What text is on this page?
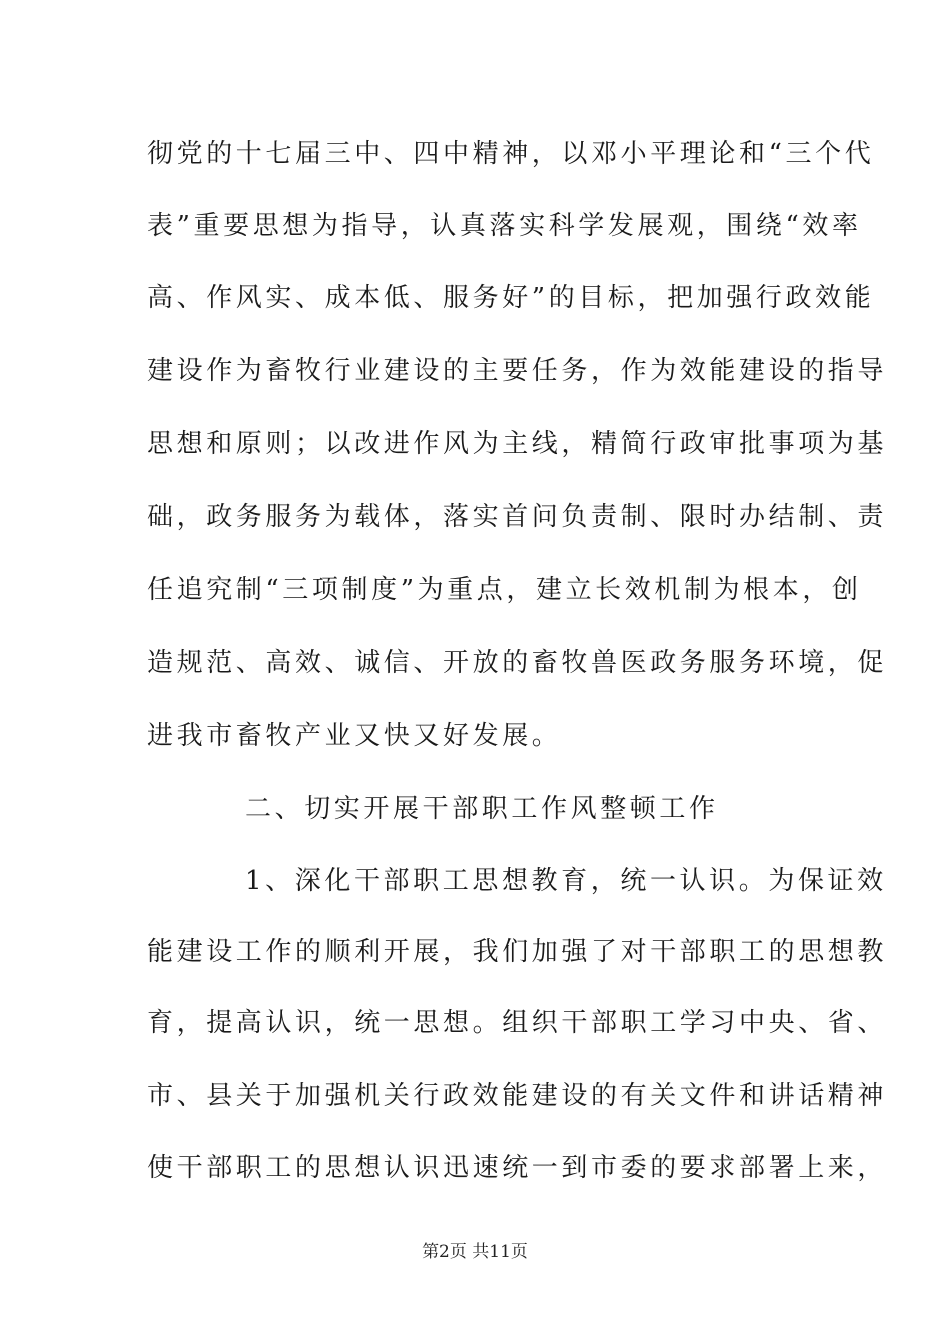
彻党的十七届三中、四中精神，以邓小平理论和“三个代
表”重要思想为指导，认真落实科学发展观，围绕“效率
高、作风实、成本低、服务好”的目标，把加强行政效能
建设作为畜牧行业建设的主要任务，作为效能建设的指导
思想和原则；以改进作风为主线，精简行政审批事项为基
础，政务服务为载体，落实首问负责制、限时办结制、责
任追究制“三项制度”为重点，建立长效机制为根本，创
造规范、高效、诚信、开放的畜牧兽医政务服务环境，促
进我市畜牧产业又快又好发展。
二、切实开展干部职工作风整顿工作
1、深化干部职工思想教育，统一认识。为保证效
能建设工作的顺利开展，我们加强了对干部职工的思想教
育，提高认识，统一思想。组织干部职工学习中央、省、
市、县关于加强机关行政效能建设的有关文件和讲话精神
使干部职工的思想认识迅速统一到市委的要求部署上来，
第2页 共11页
